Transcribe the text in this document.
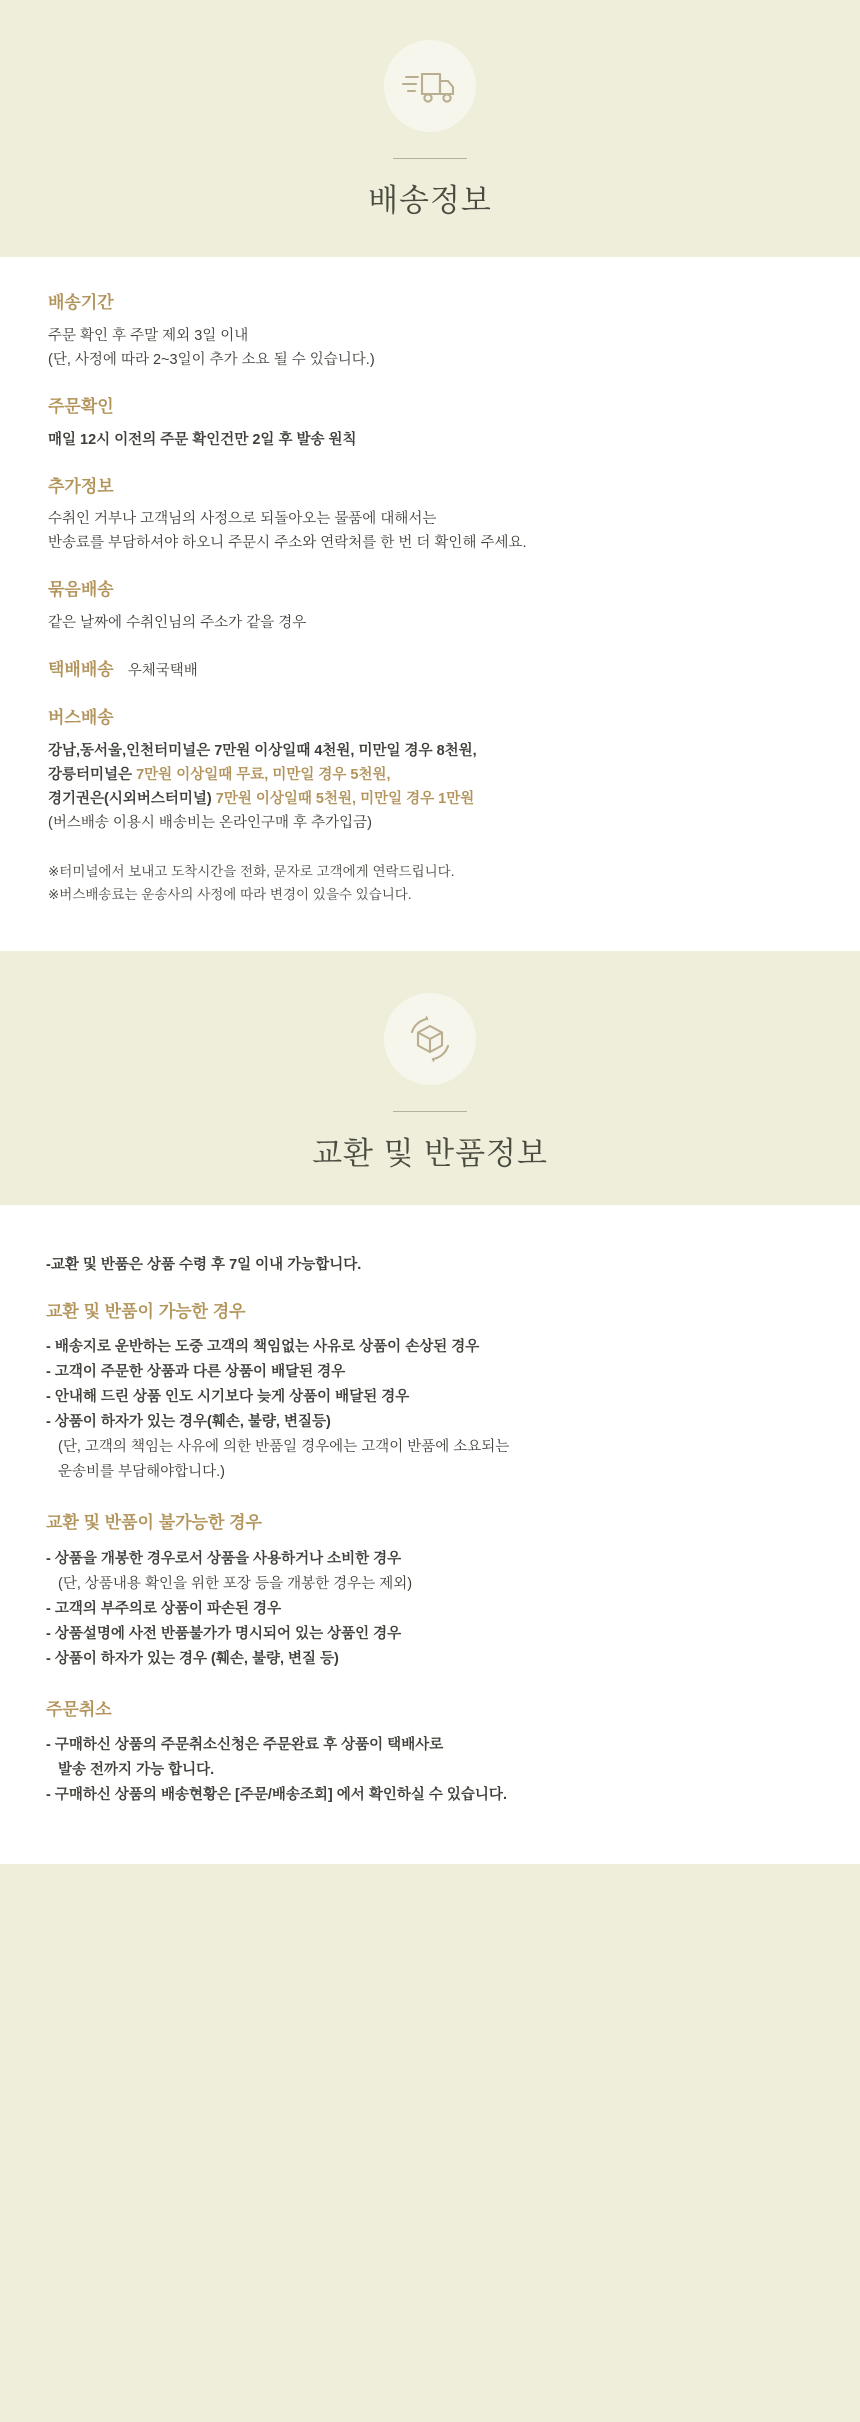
배송정보

배송기간

주문 확인 후 주말 제외 3일 이내

(단, 사정에 따라 2~3일이 추가 소요 될 수 있습니다.)

주문확인

매일 12시 이전의 주문 확인건만 2일 후 발송 원칙

추가정보

수취인 거부나 고객님의 사정으로 되돌아오는 물품에 대해서는

반송료를 부담하셔야 하오니 주문시 주소와 연락처를 한 번 더 확인해 주세요.

묶음배송

같은 날짜에 수취인님의 주소가 같을 경우

택배배송 우체국택배

버스배송

강남,동서울,인천터미널은 7만원 이상일때 4천원, 미만일 경우 8천원,

강릉터미널은 7만원 이상일때 무료, 미만일 경우 5천원,

경기권은(시외버스터미널) 7만원 이상일때 5천원, 미만일 경우 1만원

(버스배송 이용시 배송비는 온라인구매 후 추가입금)

※터미널에서 보내고 도착시간을 전화, 문자로 고객에게 연락드립니다.

※버스배송료는 운송사의 사정에 따라 변경이 있을수 있습니다.

교환 및 반품정보

-교환 및 반품은 상품 수령 후 7일 이내 가능합니다.

교환 및 반품이 가능한 경우

- 배송지로 운반하는 도중 고객의 책임없는 사유로 상품이 손상된 경우

- 고객이 주문한 상품과 다른 상품이 배달된 경우

- 안내해 드린 상품 인도 시기보다 늦게 상품이 배달된 경우

- 상품이 하자가 있는 경우(훼손, 불량, 변질등)

(단, 고객의 책임는 사유에 의한 반품일 경우에는 고객이 반품에 소요되는

운송비를 부담해야합니다.)

교환 및 반품이 불가능한 경우

- 상품을 개봉한 경우로서 상품을 사용하거나 소비한 경우

(단, 상품내용 확인을 위한 포장 등을 개봉한 경우는 제외)

- 고객의 부주의로 상품이 파손된 경우

- 상품설명에 사전 반품불가가 명시되어 있는 상품인 경우

- 상품이 하자가 있는 경우 (훼손, 불량, 변질 등)

주문취소

- 구매하신 상품의 주문취소신청은 주문완료 후 상품이 택배사로

발송 전까지 가능 합니다.

- 구매하신 상품의 배송현황은 [주문/배송조회] 에서 확인하실 수 있습니다.
